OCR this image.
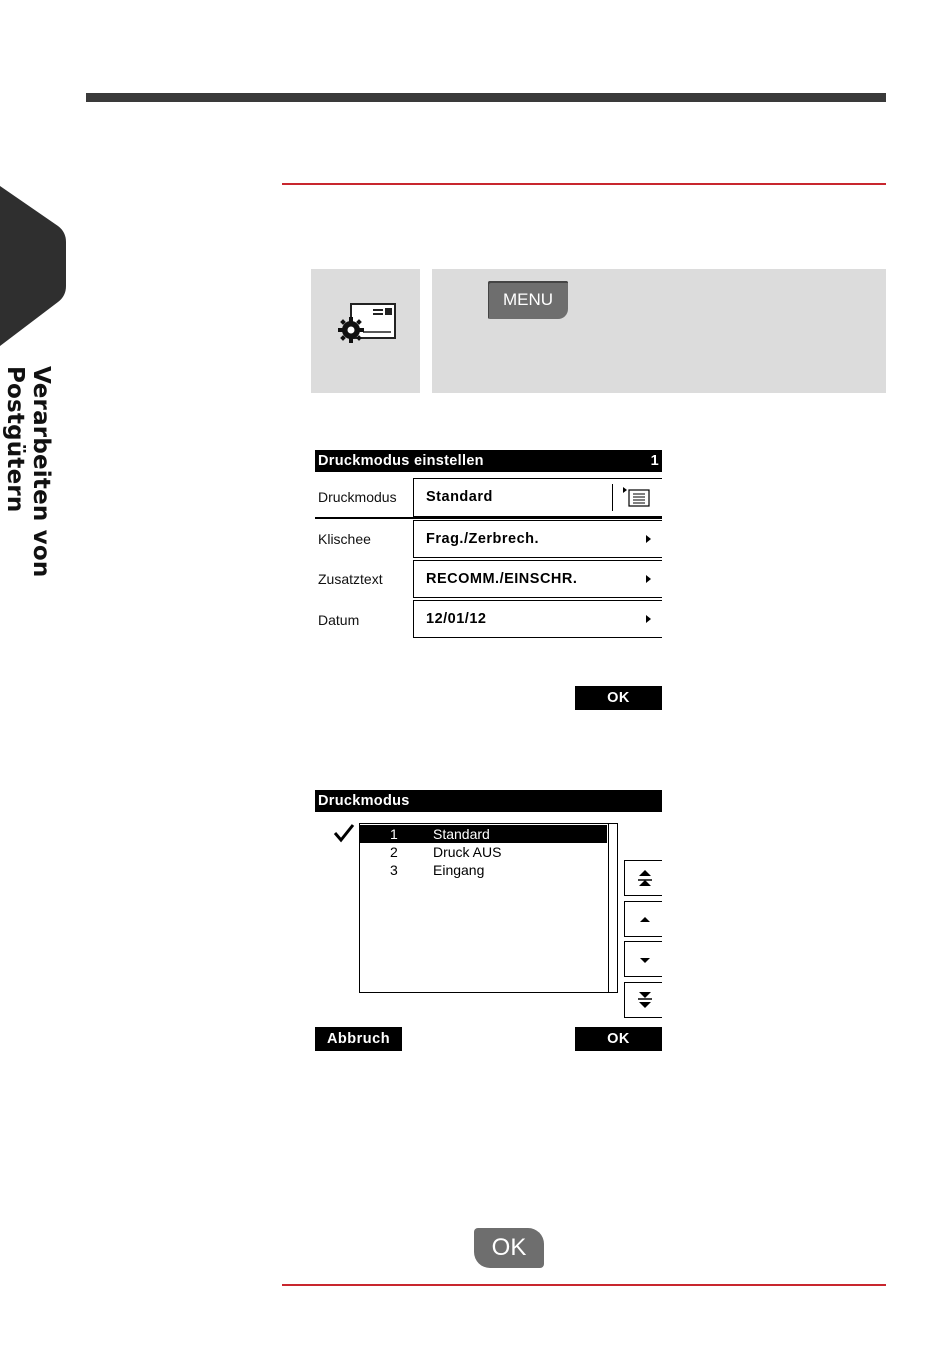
Verarbeiten von Postgütern
MENU
Druckmodus einstellen	1
Druckmodus	Standard
Klischee	Frag./Zerbrech.
Zusatztext	RECOMM./EINSCHR.
Datum	12/01/12
OK
Druckmodus
1	Standard
2	Druck AUS
3	Eingang
Abbruch	OK
OK
